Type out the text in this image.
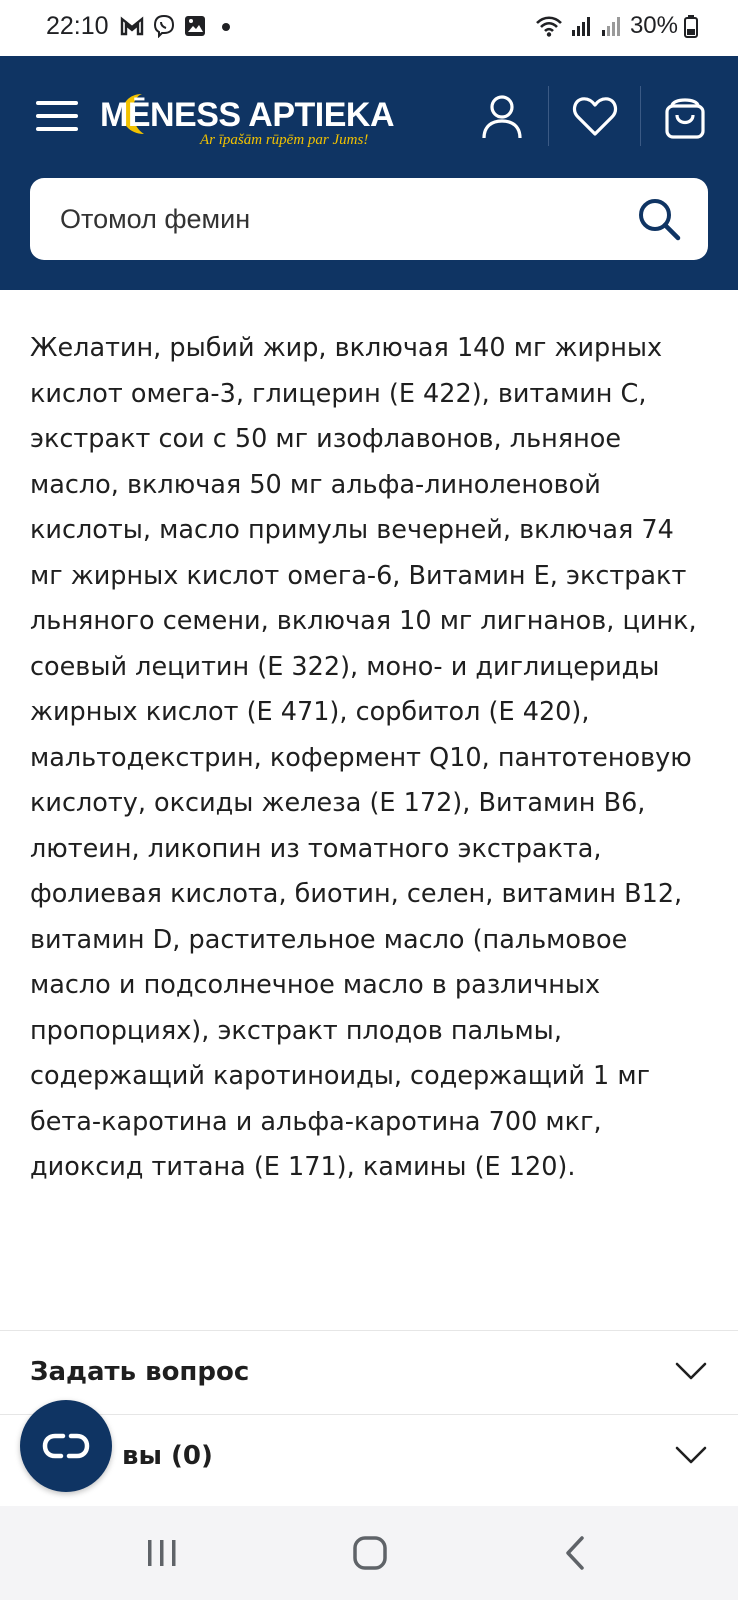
22:10	30%
MĒNESS APTIEKA
Ar īpašām rūpēm par Jums!
Отомол фемин
Желатин, рыбий жир, включая 140 мг жирных кислот омега-3, глицерин (E 422), витамин C, экстракт сои с 50 мг изофлавонов, льняное масло, включая 50 мг альфа-линоленовой кислоты, масло примулы вечерней, включая 74 мг жирных кислот омега-6, Витамин E, экстракт льняного семени, включая 10 мг лигнанов, цинк, соевый лецитин (E 322), моно- и диглицериды жирных кислот (E 471), сорбитол (E 420), мальтодекстрин, кофермент Q10, пантотеновую кислоту, оксиды железа (E 172), Витамин B6, лютеин, ликопин из томатного экстракта, фолиевая кислота, биотин, селен, витамин B12, витамин D, растительное масло (пальмовое масло и подсолнечное масло в различных пропорциях), экстракт плодов пальмы, содержащий каротиноиды, содержащий 1 мг бета-каротина и альфа-каротина 700 мкг, диоксид титана (E 171), камины (E 120).
Задать вопрос
вы (0)
